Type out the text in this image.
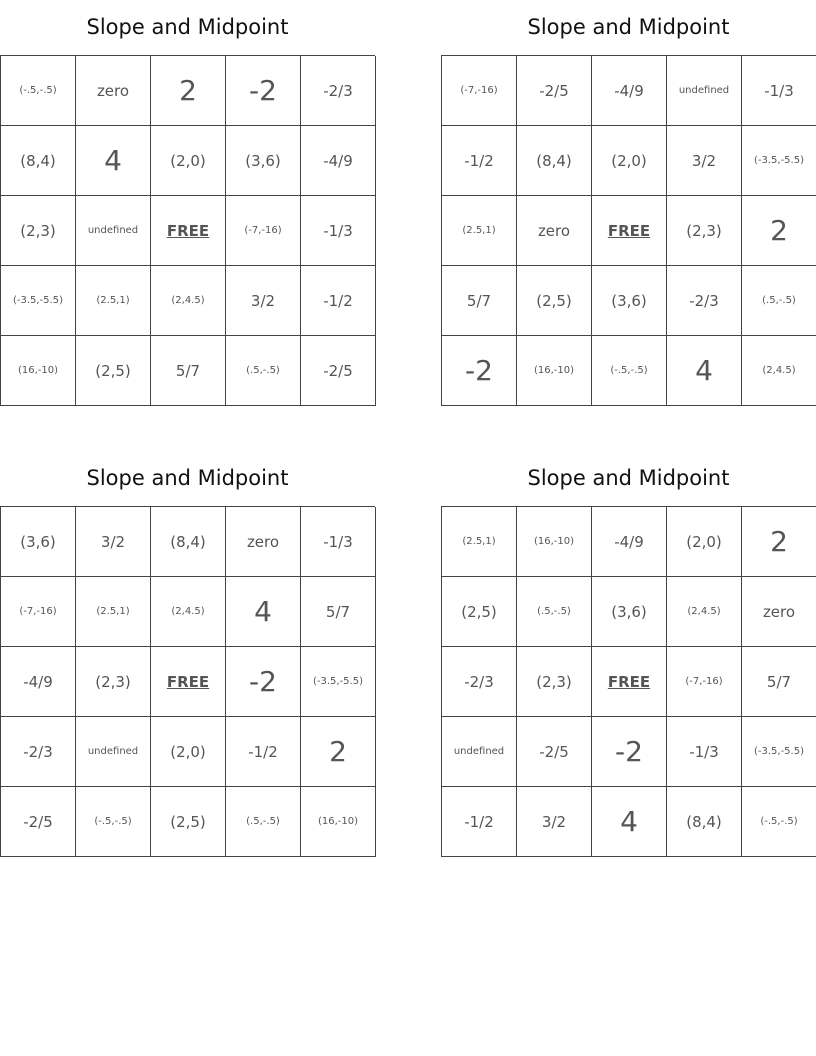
Slope and Midpoint
(-.5,-.5)	zero	2	-2	-2/3
(8,4)	4	(2,0)	(3,6)	-4/9
(2,3)	undefined	FREE	(-7,-16)	-1/3
(-3.5,-5.5)	(2.5,1)	(2,4.5)	3/2	-1/2
(16,-10)	(2,5)	5/7	(.5,-.5)	-2/5
Slope and Midpoint
(-7,-16)	-2/5	-4/9	undefined	-1/3
-1/2	(8,4)	(2,0)	3/2	(-3.5,-5.5)
(2.5,1)	zero	FREE	(2,3)	2
5/7	(2,5)	(3,6)	-2/3	(.5,-.5)
-2	(16,-10)	(-.5,-.5)	4	(2,4.5)
Slope and Midpoint
(3,6)	3/2	(8,4)	zero	-1/3
(-7,-16)	(2.5,1)	(2,4.5)	4	5/7
-4/9	(2,3)	FREE	-2	(-3.5,-5.5)
-2/3	undefined	(2,0)	-1/2	2
-2/5	(-.5,-.5)	(2,5)	(.5,-.5)	(16,-10)
Slope and Midpoint
(2.5,1)	(16,-10)	-4/9	(2,0)	2
(2,5)	(.5,-.5)	(3,6)	(2,4.5)	zero
-2/3	(2,3)	FREE	(-7,-16)	5/7
undefined	-2/5	-2	-1/3	(-3.5,-5.5)
-1/2	3/2	4	(8,4)	(-.5,-.5)
